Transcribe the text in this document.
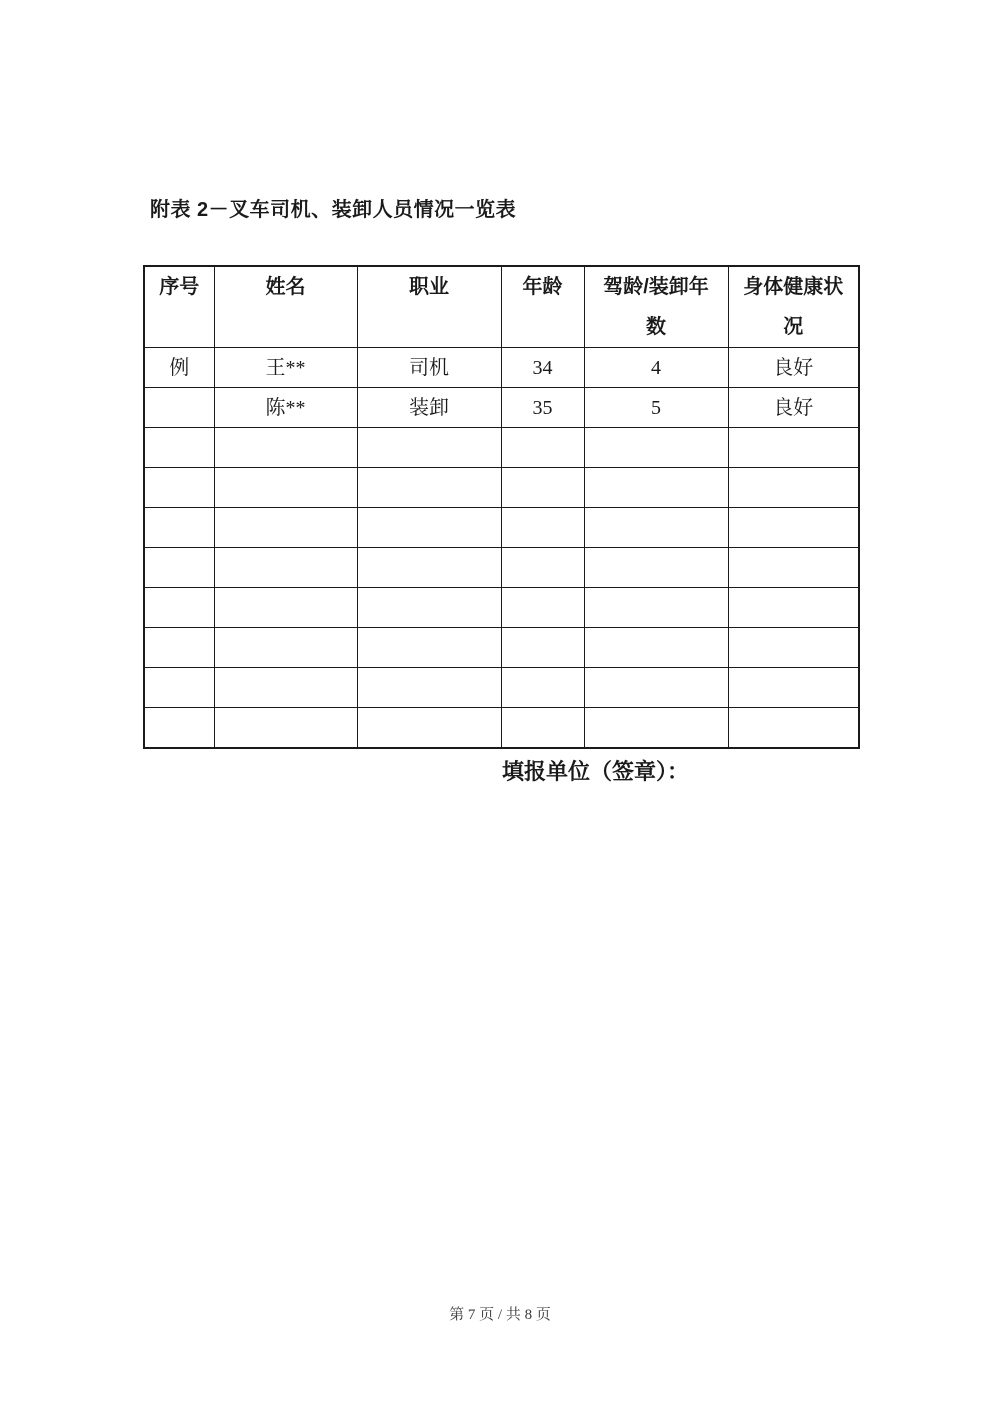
附表 2－叉车司机、装卸人员情况一览表
序号	姓名	职业	年龄	驾龄/装卸年数	身体健康状况
例	王**	司机	34	4	良好
	陈**	装卸	35	5	良好

填报单位（签章）：
第 7 页 / 共 8 页
